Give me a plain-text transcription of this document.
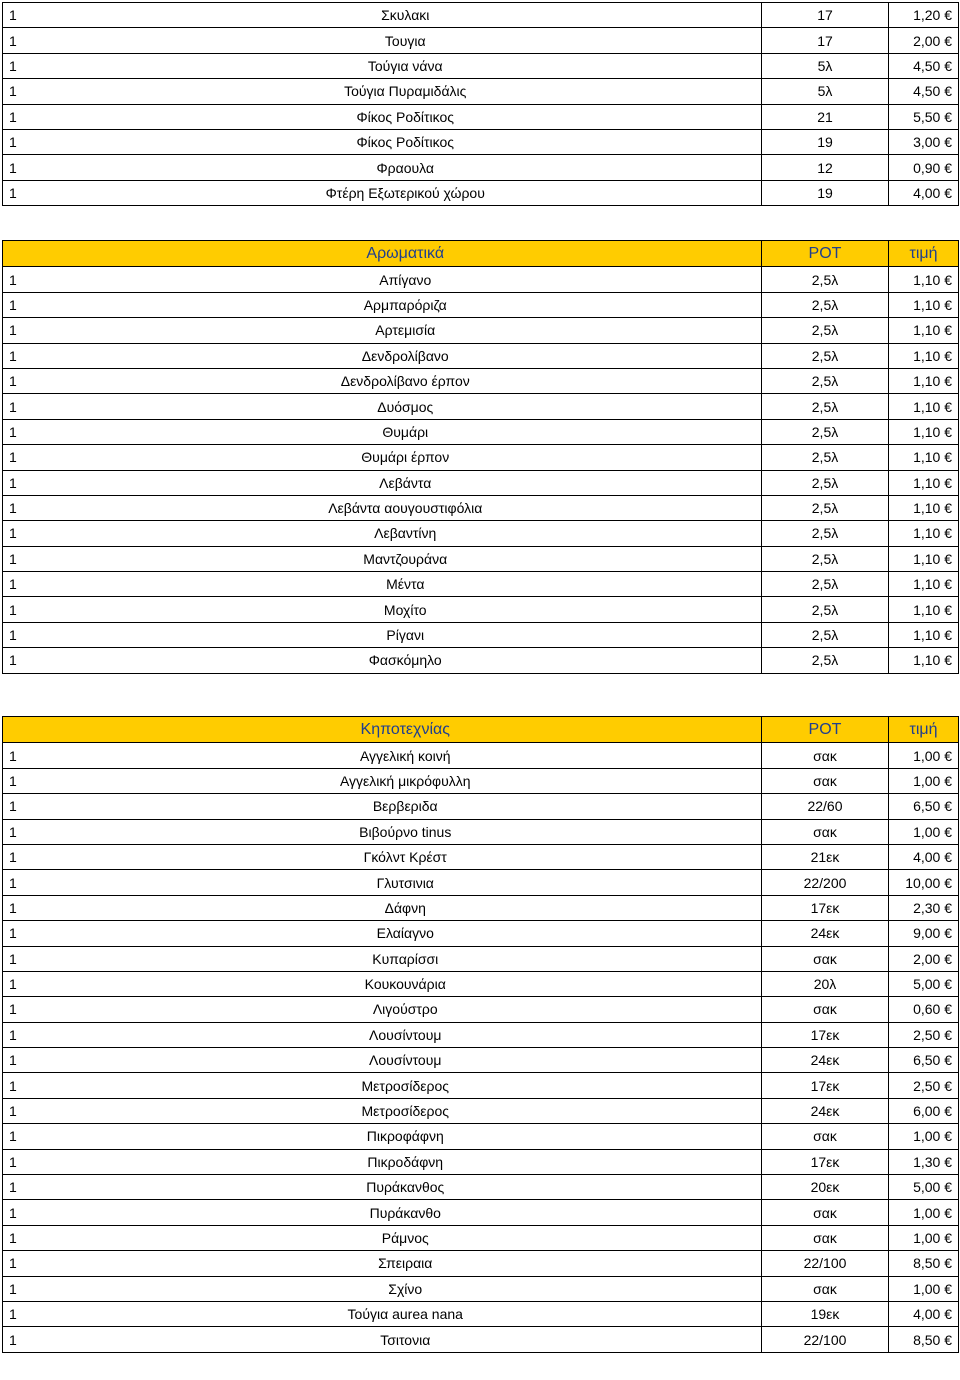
1	Σκυλακι	17	1,20 €
1	Τουγια	17	2,00 €
1	Τούγια νάνα	5λ	4,50 €
1	Τούγια Πυραμιδάλις	5λ	4,50 €
1	Φίκος Ροδίτικος	21	5,50 €
1	Φίκος Ροδίτικος	19	3,00 €
1	Φραουλα	12	0,90 €
1	Φτέρη Εξωτερικού χώρου	19	4,00 €
	Αρωματικά	ΡΟΤ	τιμή
1	Απίγανο	2,5λ	1,10 €
1	Αρμπαρόριζα	2,5λ	1,10 €
1	Αρτεμισία	2,5λ	1,10 €
1	Δενδρολίβανο	2,5λ	1,10 €
1	Δενδρολίβανο έρπον	2,5λ	1,10 €
1	Δυόσμος	2,5λ	1,10 €
1	Θυμάρι	2,5λ	1,10 €
1	Θυμάρι έρπον	2,5λ	1,10 €
1	Λεβάντα	2,5λ	1,10 €
1	Λεβάντα αουγουστιφόλια	2,5λ	1,10 €
1	Λεβαντίνη	2,5λ	1,10 €
1	Μαντζουράνα	2,5λ	1,10 €
1	Μέντα	2,5λ	1,10 €
1	Μοχίτο	2,5λ	1,10 €
1	Ρίγανι	2,5λ	1,10 €
1	Φασκόμηλο	2,5λ	1,10 €
	Κηποτεχνίας	ΡΟΤ	τιμή
1	Αγγελική κοινή	σακ	1,00 €
1	Αγγελική μικρόφυλλη	σακ	1,00 €
1	Βερβεριδα	22/60	6,50 €
1	Βιβούρνο tinus	σακ	1,00 €
1	Γκόλντ Κρέστ	21εκ	4,00 €
1	Γλυτσινια	22/200	10,00 €
1	Δάφνη	17εκ	2,30 €
1	Ελαίαγνο	24εκ	9,00 €
1	Κυπαρίσσι	σακ	2,00 €
1	Κουκουνάρια	20λ	5,00 €
1	Λιγούστρο	σακ	0,60 €
1	Λουσίντουμ	17εκ	2,50 €
1	Λουσίντουμ	24εκ	6,50 €
1	Μετροσίδερος	17εκ	2,50 €
1	Μετροσίδερος	24εκ	6,00 €
1	Πικροφάφνη	σακ	1,00 €
1	Πικροδάφνη	17εκ	1,30 €
1	Πυράκανθος	20εκ	5,00 €
1	Πυράκανθο	σακ	1,00 €
1	Ράμνος	σακ	1,00 €
1	Σπειραια	22/100	8,50 €
1	Σχίνο	σακ	1,00 €
1	Τούγια aurea nana	19εκ	4,00 €
1	Τσιτονια	22/100	8,50 €
